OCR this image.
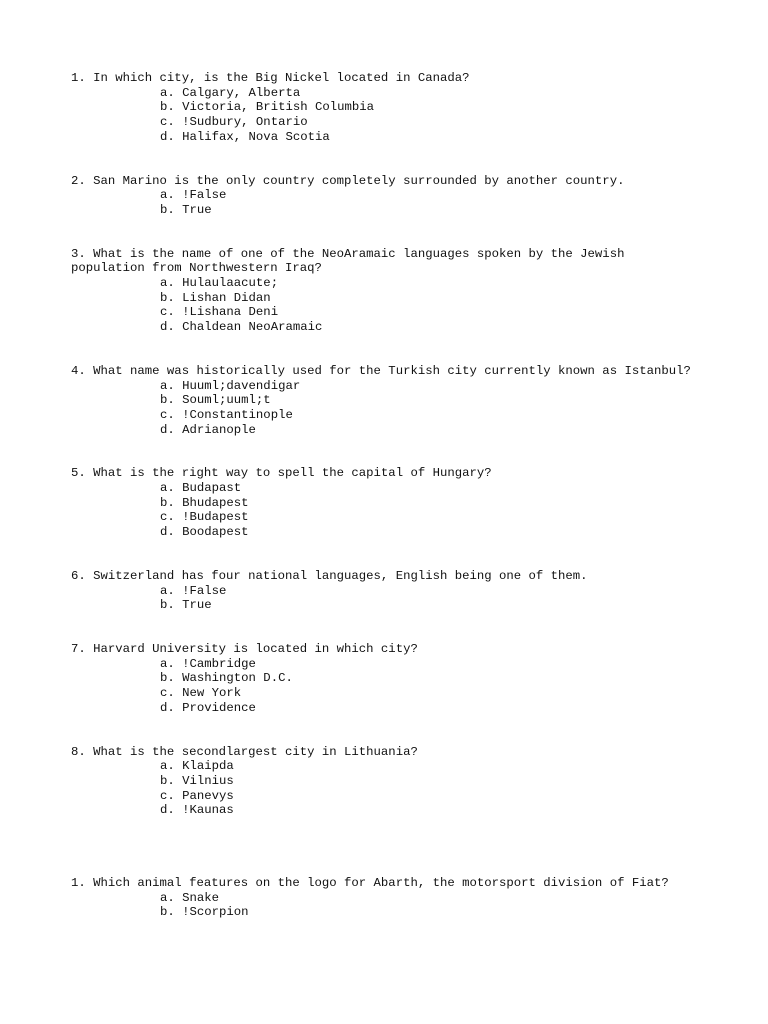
1. In which city, is the Big Nickel located in Canada?
a. Calgary, Alberta
b. Victoria, British Columbia
c. !Sudbury, Ontario
d. Halifax, Nova Scotia
2. San Marino is the only country completely surrounded by another country.
a. !False
b. True
3. What is the name of one of the NeoAramaic languages spoken by the Jewish population from Northwestern Iraq?
a. Hulaulaacute;
b. Lishan Didan
c. !Lishana Deni
d. Chaldean NeoAramaic
4. What name was historically used for the Turkish city currently known as Istanbul?
a. Huuml;davendigar
b. Souml;uuml;t
c. !Constantinople
d. Adrianople
5. What is the right way to spell the capital of Hungary?
a. Budapast
b. Bhudapest
c. !Budapest
d. Boodapest
6. Switzerland has four national languages, English being one of them.
a. !False
b. True
7. Harvard University is located in which city?
a. !Cambridge
b. Washington D.C.
c. New York
d. Providence
8. What is the secondlargest city in Lithuania?
a. Klaipda
b. Vilnius
c. Panevys
d. !Kaunas
1. Which animal features on the logo for Abarth, the motorsport division of Fiat?
a. Snake
b. !Scorpion
